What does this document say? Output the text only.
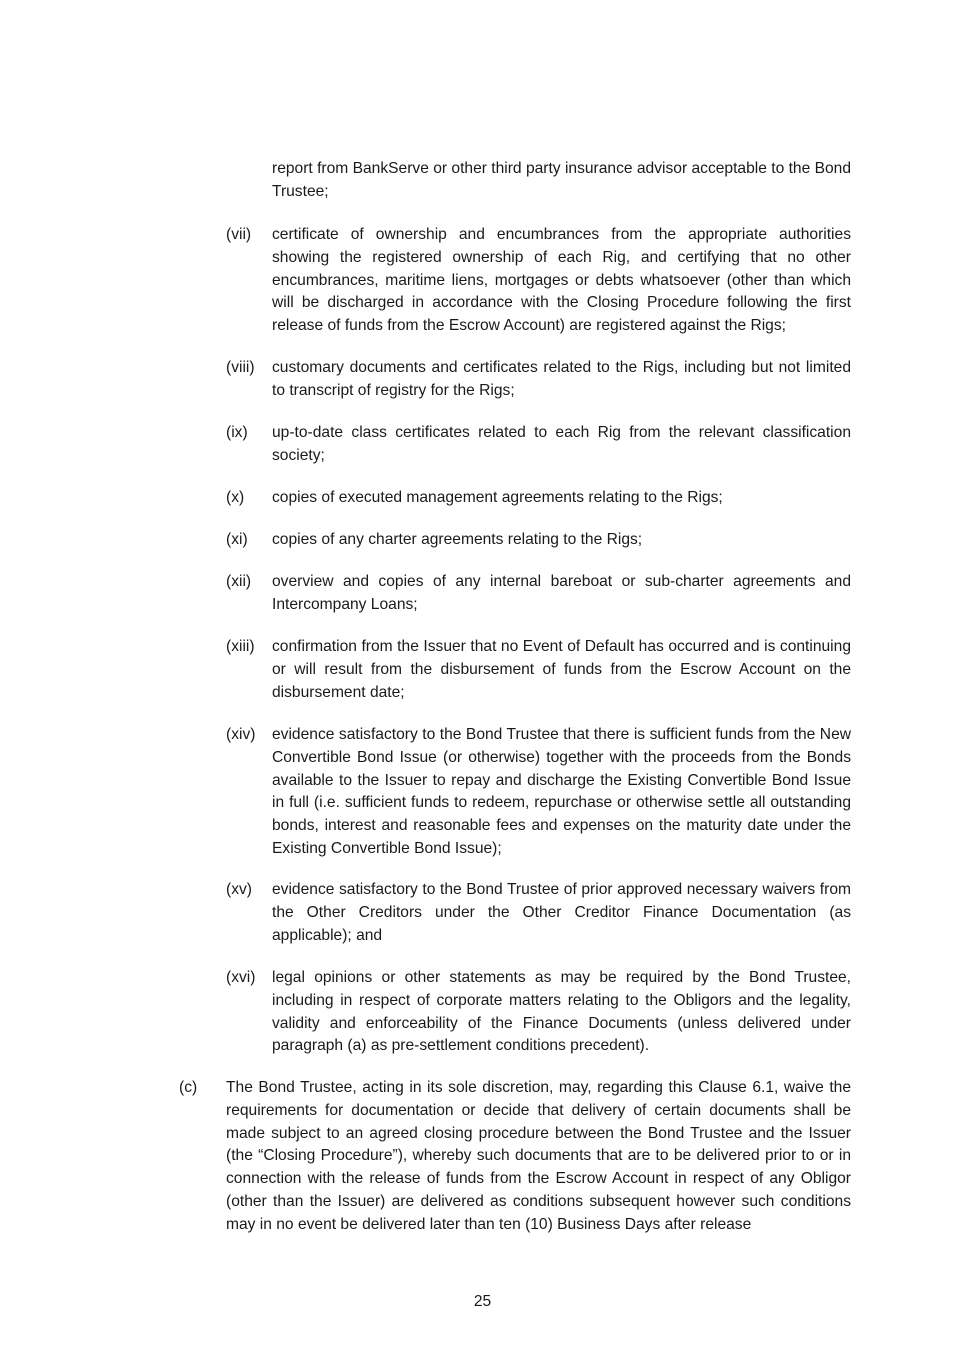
report from BankServe or other third party insurance advisor acceptable to the Bond Trustee;

(vii)	certificate of ownership and encumbrances from the appropriate authorities showing the registered ownership of each Rig, and certifying that no other encumbrances, maritime liens, mortgages or debts whatsoever (other than which will be discharged in accordance with the Closing Procedure following the first release of funds from the Escrow Account) are registered against the Rigs;
(viii)	customary documents and certificates related to the Rigs, including but not limited to transcript of registry for the Rigs;
(ix)	up-to-date class certificates related to each Rig from the relevant classification society;
(x)	copies of executed management agreements relating to the Rigs;
(xi)	copies of any charter agreements relating to the Rigs;
(xii)	overview and copies of any internal bareboat or sub-charter agreements and Intercompany Loans;
(xiii)	confirmation from the Issuer that no Event of Default has occurred and is continuing or will result from the disbursement of funds from the Escrow Account on the disbursement date;
(xiv)	evidence satisfactory to the Bond Trustee that there is sufficient funds from the New Convertible Bond Issue (or otherwise) together with the proceeds from the Bonds available to the Issuer to repay and discharge the Existing Convertible Bond Issue in full (i.e. sufficient funds to redeem, repurchase or otherwise settle all outstanding bonds, interest and reasonable fees and expenses on the maturity date under the Existing Convertible Bond Issue);
(xv)	evidence satisfactory to the Bond Trustee of prior approved necessary waivers from the Other Creditors under the Other Creditor Finance Documentation (as applicable); and
(xvi)	legal opinions or other statements as may be required by the Bond Trustee, including in respect of corporate matters relating to the Obligors and the legality, validity and enforceability of the Finance Documents (unless delivered under paragraph (a) as pre-settlement conditions precedent).
(c)	The Bond Trustee, acting in its sole discretion, may, regarding this Clause 6.1, waive the requirements for documentation or decide that delivery of certain documents shall be made subject to an agreed closing procedure between the Bond Trustee and the Issuer (the “Closing Procedure”), whereby such documents that are to be delivered prior to or in connection with the release of funds from the Escrow Account in respect of any Obligor (other than the Issuer) are delivered as conditions subsequent however such conditions may in no event be delivered later than ten (10) Business Days after release
25
